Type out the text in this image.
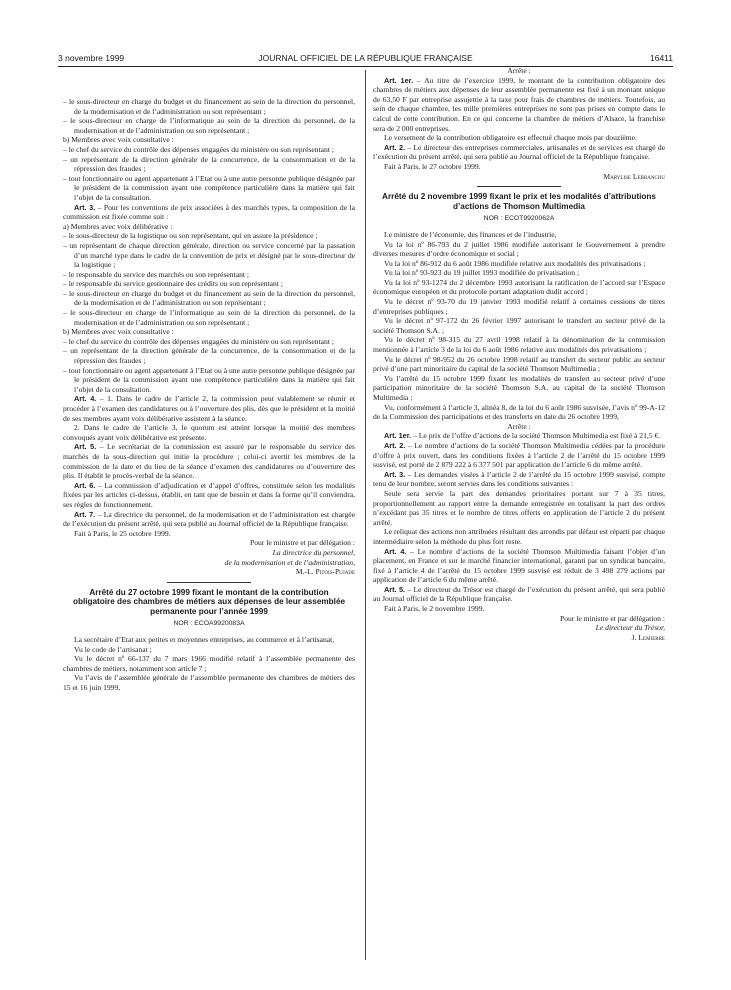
3 novembre 1999	JOURNAL OFFICIEL DE LA RÉPUBLIQUE FRANÇAISE	16411

– le sous-directeur en charge du budget et du financement au sein de la direction du personnel, de la modernisation et de l’administration ou son représentant ;

– le sous-directeur en charge de l’informatique au sein de la direction du personnel, de la modernisation et de l’administration ou son représentant ;

b) Membres avec voix consultative :

– le chef du service du contrôle des dépenses engagées du ministère ou son représentant ;

– un représentant de la direction générale de la concurrence, de la consommation et de la répression des fraudes ;

– tout fonctionnaire ou agent appartenant à l’Etat ou à une autre personne publique désignée par le président de la commission ayant une compétence particulière dans la matière qui fait l’objet de la consultation.

Art. 3. – Pour les conventions de prix associées à des marchés types, la composition de la commission est fixée comme suit :

a) Membres avec voix délibérative :

– le sous-directeur de la logistique ou son représentant, qui en assure la présidence ;

– un représentant de chaque direction générale, direction ou service concerné par la passation d’un marché type dans le cadre de la convention de prix et désigné par le sous-directeur de la logistique ;

– le responsable du service des marchés ou son représentant ;

– le responsable du service gestionnaire des crédits ou son représentant ;

– le sous-directeur en charge du budget et du financement au sein de la direction du personnel, de la modernisation et de l’administration ou son représentant ;

– le sous-directeur en charge de l’informatique au sein de la direction du personnel, de la modernisation et de l’administration ou son représentant ;

b) Membres avec voix consultative :

– le chef du service du contrôle des dépenses engagées du ministère ou son représentant ;

– un représentant de la direction générale de la concurrence, de la consommation et de la répression des fraudes ;

– tout fonctionnaire ou agent appartenant à l’Etat ou à une autre personne publique désignée par le président de la commission ayant une compétence particulière dans la matière qui fait l’objet de la consultation.

Art. 4. – 1. Dans le cadre de l’article 2, la commission peut valablement se réunir et procéder à l’examen des candidatures ou à l’ouverture des plis, dès que le président et la moitié de ses membres ayant voix délibérative assistent à la séance.

2. Dans le cadre de l’article 3, le quorum est atteint lorsque la moitié des membres convoqués ayant voix délibérative est présente.

Art. 5. – Le secrétariat de la commission est assuré par le responsable du service des marchés de la sous-direction qui initie la procédure ; celui-ci avertit les membres de la commission de la date et du lieu de la séance d’examen des candidatures ou d’ouverture des plis. Il établit le procès-verbal de la séance.

Art. 6. – La commission d’adjudication et d’appel d’offres, constituée selon les modalités fixées par les articles ci-dessus, établit, en tant que de besoin et dans la forme qu’il conviendra, ses règles de fonctionnement.

Art. 7. – La directrice du personnel, de la modernisation et de l’administration est chargée de l’exécution du présent arrêté, qui sera publié au Journal officiel de la République française.

Fait à Paris, le 25 octobre 1999.

Pour le ministre et par délégation :

La directrice du personnel,

de la modernisation et de l’administration,

M.-L. Pitois-Pujade

Arrêté du 27 octobre 1999 fixant le montant de la contribution obligatoire des chambres de métiers aux dépenses de leur assemblée permanente pour l’année 1999

NOR : ECOA9920083A

La secrétaire d’Etat aux petites et moyennes entreprises, au commerce et à l’artisanat,

Vu le code de l’artisanat ;

Vu le décret nº 66-137 du 7 mars 1966 modifié relatif à l’assemblée permanente des chambres de métiers, notamment son article 7 ;

Vu l’avis de l’assemblée générale de l’assemblée permanente des chambres de métiers des 15 et 16 juin 1999,

Arrête :

Art. 1er. – Au titre de l’exercice 1999, le montant de la contribution obligatoire des chambres de métiers aux dépenses de leur assemblée permanente est fixé à un montant unique de 63,50 F par entreprise assujettie à la taxe pour frais de chambres de métiers. Toutefois, au sein de chaque chambre, les mille premières entreprises ne sont pas prises en compte dans le calcul de cette contribution. En ce qui concerne la chambre de métiers d’Alsace, la franchise sera de 2 000 entreprises.

Le versement de la contribution obligatoire est effectué chaque mois par douzième.

Art. 2. – Le directeur des entreprises commerciales, artisanales et de services est chargé de l’exécution du présent arrêté, qui sera publié au Journal officiel de la République française.

Fait à Paris, le 27 octobre 1999.

Marylise Lebranchu

Arrêté du 2 novembre 1999 fixant le prix et les modalités d’attributions d’actions de Thomson Multimedia

NOR : ECOT9920062A

Le ministre de l’économie, des finances et de l’industrie,

Vu la loi nº 86-793 du 2 juillet 1986 modifiée autorisant le Gouvernement à prendre diverses mesures d’ordre économique et social ;

Vu la loi nº 86-912 du 6 août 1986 modifiée relative aux modalités des privatisations ;

Vu la loi nº 93-923 du 19 juillet 1993 modifiée de privatisation ;

Vu la loi nº 93-1274 du 2 décembre 1993 autorisant la ratification de l’accord sur l’Espace économique européen et du protocole portant adaptation dudit accord ;

Vu le décret nº 93-70 du 19 janvier 1993 modifié relatif à certaines cessions de titres d’entreprises publiques ;

Vu le décret nº 97-172 du 26 février 1997 autorisant le transfert au secteur privé de la société Thomson S.A. ;

Vu le décret nº 98-315 du 27 avril 1998 relatif à la dénomination de la commission mentionnée à l’article 3 de la loi du 6 août 1986 relative aux modalités des privatisations ;

Vu le décret nº 98-952 du 26 octobre 1998 relatif au transfert du secteur public au secteur privé d’une part minoritaire du capital de la société Thomson Multimedia ;

Vu l’arrêté du 15 octobre 1999 fixant les modalités de transfert au secteur privé d’une participation minoritaire de la société Thomson S.A. au capital de la société Thomson Multimedia ;

Vu, conformément à l’article 3, alinéa 8, de la loi du 6 août 1986 susvisée, l’avis nº 99-A-12 de la Commission des participations et des transferts en date du 26 octobre 1999,

Arrête :

Art. 1er. – Le prix de l’offre d’actions de la société Thomson Multimedia est fixé à 21,5 €.

Art. 2. – Le nombre d’actions de la société Thomson Multimedia cédées par la procédure d’offre à prix ouvert, dans les conditions fixées à l’article 2 de l’arrêté du 15 octobre 1999 susvisé, est porté de 2 879 222 à 6 377 501 par application de l’article 6 du même arrêté.

Art. 3. – Les demandes visées à l’article 2 de l’arrêté du 15 octobre 1999 susvisé, compte tenu de leur nombre, seront servies dans les conditions suivantes :

Seule sera servie la part des demandes prioritaires portant sur 7 à 35 titres, proportionnellement au rapport entre la demande enregistrée en totalisant la part des ordres n’excédant pas 35 titres et le nombre de titres offerts en application de l’article 2 du présent arrêté.

Le reliquat des actions non attribuées résultant des arrondis par défaut est réparti par chaque intermédiaire selon la méthode du plus fort reste.

Art. 4. – Le nombre d’actions de la société Thomson Multimedia faisant l’objet d’un placement, en France et sur le marché financier international, garanti par un syndicat bancaire, fixé à l’article 4 de l’arrêté du 15 octobre 1999 susvisé est réduit de 3 498 279 actions par application de l’article 6 du même arrêté.

Art. 5. – Le directeur du Trésor est chargé de l’exécution du présent arrêté, qui sera publié au Journal officiel de la République française.

Fait à Paris, le 2 novembre 1999.

Pour le ministre et par délégation :

Le directeur du Trésor,

J. Lemierre
